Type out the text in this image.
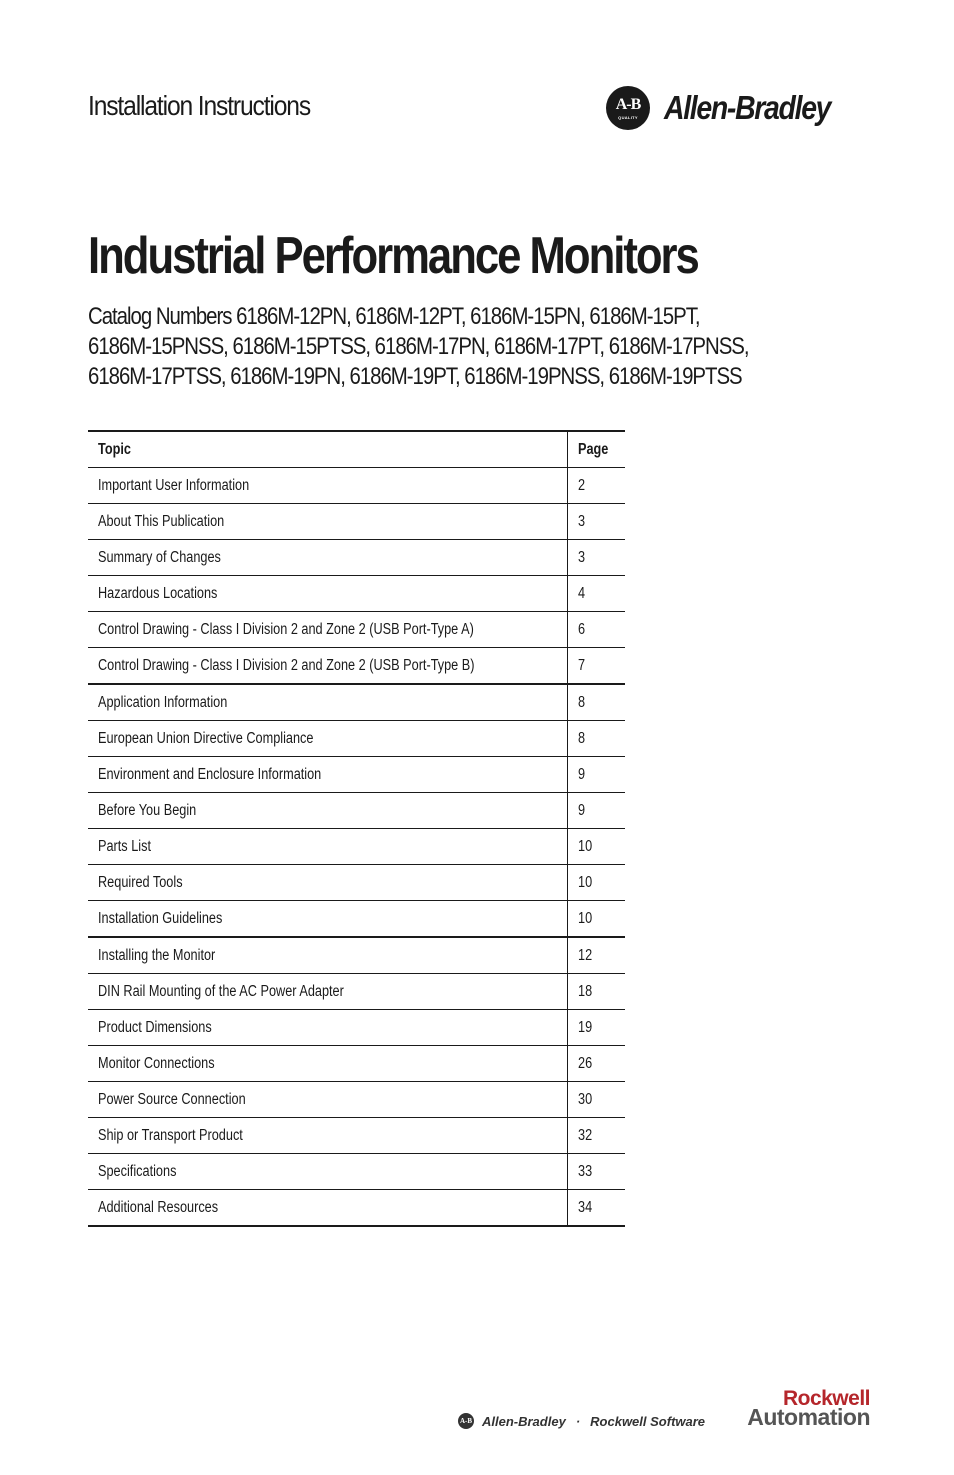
Installation Instructions	A-B
QUALITY Allen-Bradley
Industrial Performance Monitors
Catalog Numbers 6186M-12PN, 6186M-12PT, 6186M-15PN, 6186M-15PT,
6186M-15PNSS, 6186M-15PTSS, 6186M-17PN, 6186M-17PT, 6186M-17PNSS,
6186M-17PTSS, 6186M-19PN, 6186M-19PT, 6186M-19PNSS, 6186M-19PTSS
Topic	Page
Important User Information	2
About This Publication	3
Summary of Changes	3
Hazardous Locations	4
Control Drawing - Class I Division 2 and Zone 2 (USB Port-Type A)	6
Control Drawing - Class I Division 2 and Zone 2 (USB Port-Type B)	7
Application Information	8
European Union Directive Compliance	8
Environment and Enclosure Information	9
Before You Begin	9
Parts List	10
Required Tools	10
Installation Guidelines	10
Installing the Monitor	12
DIN Rail Mounting of the AC Power Adapter	18
Product Dimensions	19
Monitor Connections	26
Power Source Connection	30
Ship or Transport Product	32
Specifications	33
Additional Resources	34
A-B Allen-Bradley · Rockwell Software
Rockwell
Automation
